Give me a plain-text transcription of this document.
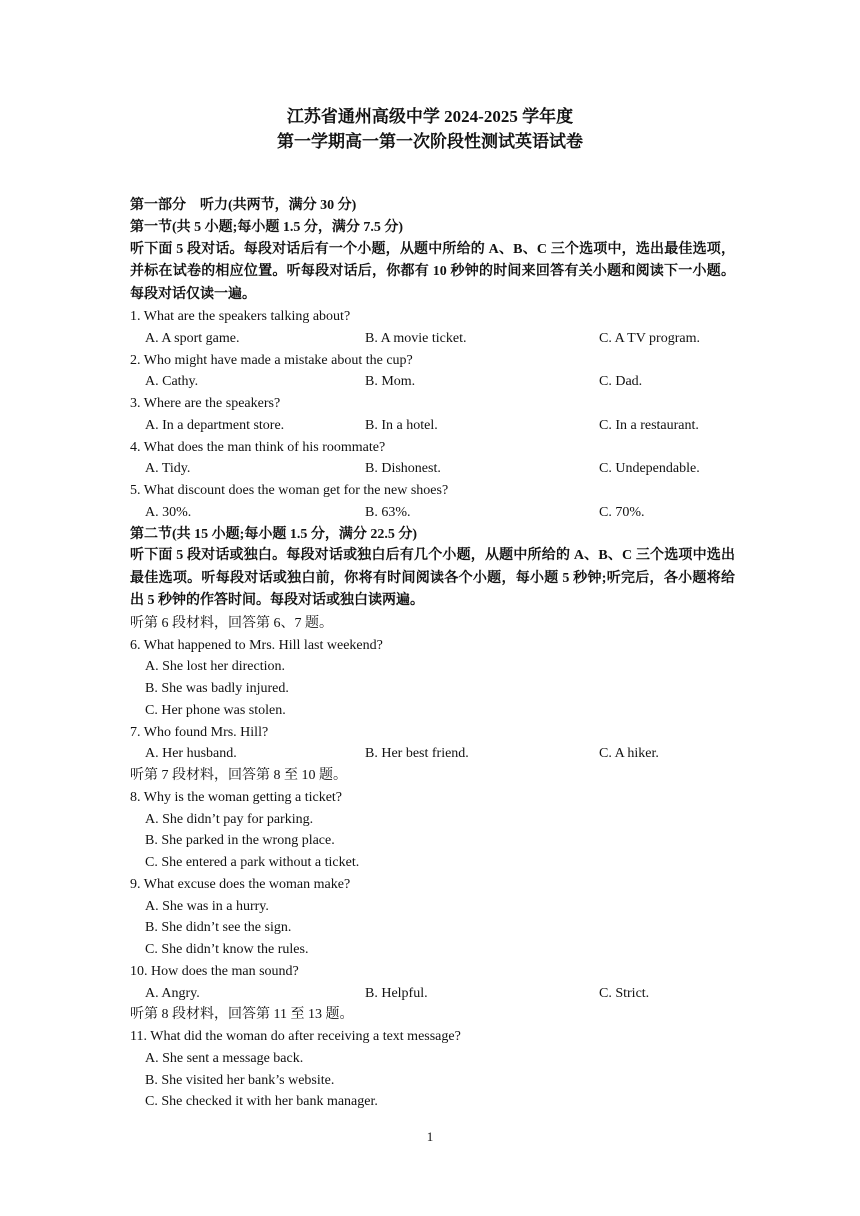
江苏省通州高级中学 2024-2025 学年度
第一学期高一第一次阶段性测试英语试卷
第一部分　听力(共两节，满分 30 分)
第一节(共 5 小题;每小题 1.5 分，满分 7.5 分)
听下面 5 段对话。每段对话后有一个小题，从题中所给的 A、B、C 三个选项中，选出最佳选项，并标在试卷的相应位置。听每段对话后，你都有 10 秒钟的时间来回答有关小题和阅读下一小题。每段对话仅读一遍。
1. What are the speakers talking about?
A. A sport game.	B. A movie ticket.	C. A TV program.
2. Who might have made a mistake about the cup?
A. Cathy.	B. Mom.	C. Dad.
3. Where are the speakers?
A. In a department store.	B. In a hotel.	C. In a restaurant.
4. What does the man think of his roommate?
A. Tidy.	B. Dishonest.	C. Undependable.
5. What discount does the woman get for the new shoes?
A. 30%.	B. 63%.	C. 70%.
第二节(共 15 小题;每小题 1.5 分，满分 22.5 分)
听下面 5 段对话或独白。每段对话或独白后有几个小题，从题中所给的 A、B、C 三个选项中选出最佳选项。听每段对话或独白前，你将有时间阅读各个小题，每小题 5 秒钟;听完后，各小题将给出 5 秒钟的作答时间。每段对话或独白读两遍。
听第 6 段材料，回答第 6、7 题。
6. What happened to Mrs. Hill last weekend?
A. She lost her direction.
B. She was badly injured.
C. Her phone was stolen.
7. Who found Mrs. Hill?
A. Her husband.	B. Her best friend.	C. A hiker.
听第 7 段材料，回答第 8 至 10 题。
8. Why is the woman getting a ticket?
A. She didn’t pay for parking.
B. She parked in the wrong place.
C. She entered a park without a ticket.
9. What excuse does the woman make?
A. She was in a hurry.
B. She didn’t see the sign.
C. She didn’t know the rules.
10. How does the man sound?
A. Angry.	B. Helpful.	C. Strict.
听第 8 段材料，回答第 11 至 13 题。
11. What did the woman do after receiving a text message?
A. She sent a message back.
B. She visited her bank’s website.
C. She checked it with her bank manager.
1
